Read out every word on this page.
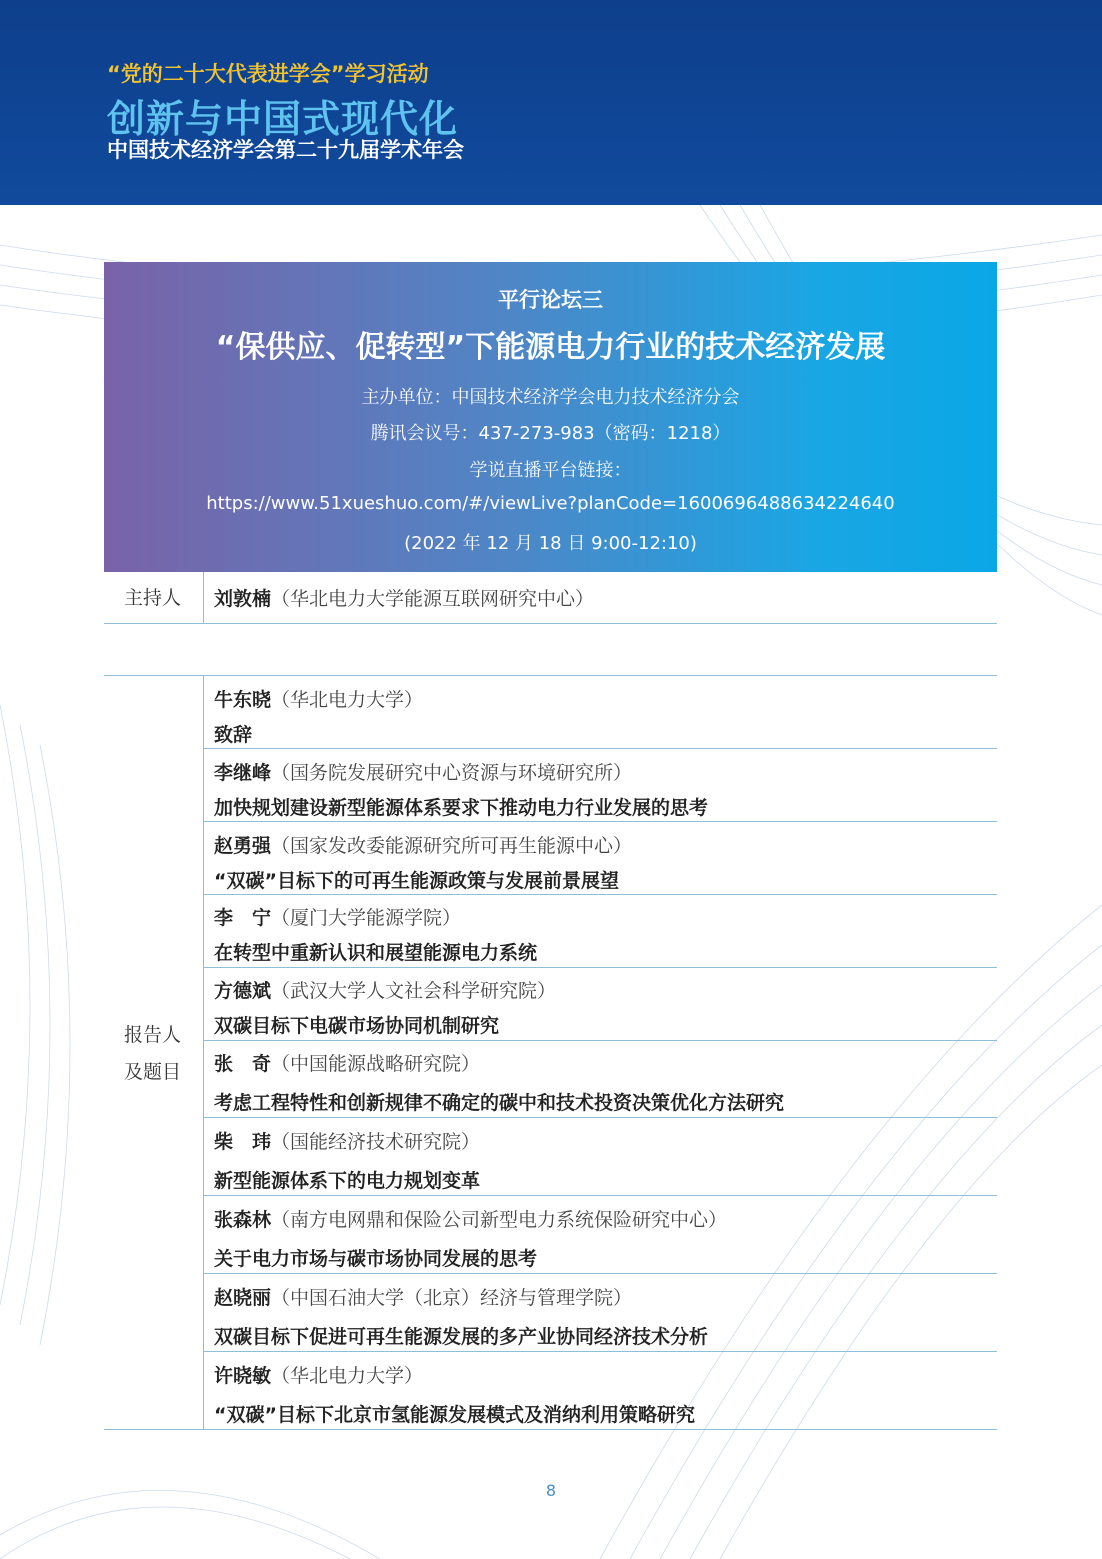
“党的二十大代表进学会”学习活动
创新与中国式现代化
中国技术经济学会第二十九届学术年会
平行论坛三
“保供应、促转型”下能源电力行业的技术经济发展
主办单位：中国技术经济学会电力技术经济分会
腾讯会议号：437-273-983（密码：1218）
学说直播平台链接：
https://www.51xueshuo.com/#/viewLive?planCode=1600696488634224640
(2022 年 12 月 18 日 9:00-12:10)
主持人 刘敦楠（华北电力大学能源互联网研究中心）
报告人
及题目
牛东晓（华北电力大学）
致辞
李继峰（国务院发展研究中心资源与环境研究所）
加快规划建设新型能源体系要求下推动电力行业发展的思考
赵勇强（国家发改委能源研究所可再生能源中心）
“双碳”目标下的可再生能源政策与发展前景展望
李　宁（厦门大学能源学院）
在转型中重新认识和展望能源电力系统
方德斌（武汉大学人文社会科学研究院）
双碳目标下电碳市场协同机制研究
张　奇（中国能源战略研究院）
考虑工程特性和创新规律不确定的碳中和技术投资决策优化方法研究
柴　玮（国能经济技术研究院）
新型能源体系下的电力规划变革
张森林（南方电网鼎和保险公司新型电力系统保险研究中心）
关于电力市场与碳市场协同发展的思考
赵晓丽（中国石油大学（北京）经济与管理学院）
双碳目标下促进可再生能源发展的多产业协同经济技术分析
许晓敏（华北电力大学）
“双碳”目标下北京市氢能源发展模式及消纳利用策略研究
8
